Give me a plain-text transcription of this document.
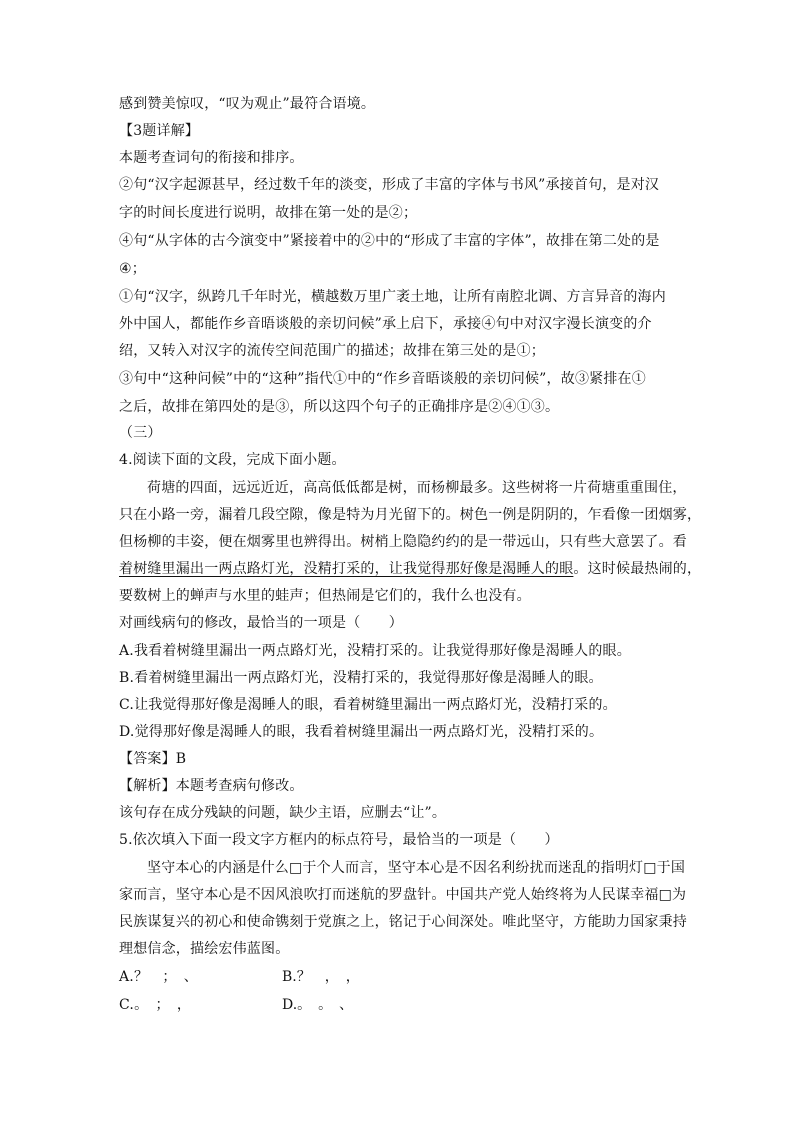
感到赞美惊叹，“叹为观止”最符合语境。
【3题详解】
本题考查词句的衔接和排序。
②句“汉字起源甚早，经过数千年的淡变，形成了丰富的字体与书风”承接首句，是对汉
字的时间长度进行说明，故排在第一处的是②；
④句“从字体的古今演变中”紧接着中的②中的“形成了丰富的字体”，故排在第二处的是
④；
①句“汉字，纵跨几千年时光，横越数万里广袤土地，让所有南腔北调、方言异音的海内
外中国人，都能作乡音晤谈般的亲切问候”承上启下，承接④句中对汉字漫长演变的介
绍，又转入对汉字的流传空间范围广的描述；故排在第三处的是①；
③句中“这种问候”中的“这种”指代①中的“作乡音晤谈般的亲切问候”，故③紧排在①
之后，故排在第四处的是③，所以这四个句子的正确排序是②④①③。
（三）
4.阅读下面的文段，完成下面小题。
荷塘的四面，远远近近，高高低低都是树，而杨柳最多。这些树将一片荷塘重重围住，
只在小路一旁，漏着几段空隙，像是特为月光留下的。树色一例是阴阴的，乍看像一团烟雾，
但杨柳的丰姿，便在烟雾里也辨得出。树梢上隐隐约约的是一带远山，只有些大意罢了。看
着树缝里漏出一两点路灯光，没精打采的，让我觉得那好像是渴睡人的眼。这时候最热闹的，
要数树上的蝉声与水里的蛙声；但热闹是它们的，我什么也没有。
对画线病句的修改，最恰当的一项是（　　）
A.我看着树缝里漏出一两点路灯光，没精打采的。让我觉得那好像是渴睡人的眼。
B.看着树缝里漏出一两点路灯光，没精打采的，我觉得那好像是渴睡人的眼。
C.让我觉得那好像是渴睡人的眼，看着树缝里漏出一两点路灯光，没精打采的。
D.觉得那好像是渴睡人的眼，我看着树缝里漏出一两点路灯光，没精打采的。
【答案】B
【解析】本题考查病句修改。
该句存在成分残缺的问题，缺少主语，应删去“让”。
5.依次填入下面一段文字方框内的标点符号，最恰当的一项是（　　）
坚守本心的内涵是什么□于个人而言，坚守本心是不因名利纷扰而迷乱的指明灯□于国
家而言，坚守本心是不因风浪吹打而迷航的罗盘针。中国共产党人始终将为人民谋幸福□为
民族谋复兴的初心和使命镌刻于党旗之上，铭记于心间深处。唯此坚守，方能助力国家秉持
理想信念，描绘宏伟蓝图。
A.？　；　、	B.？　，　，
C.。　；　，	D.。　。　、
